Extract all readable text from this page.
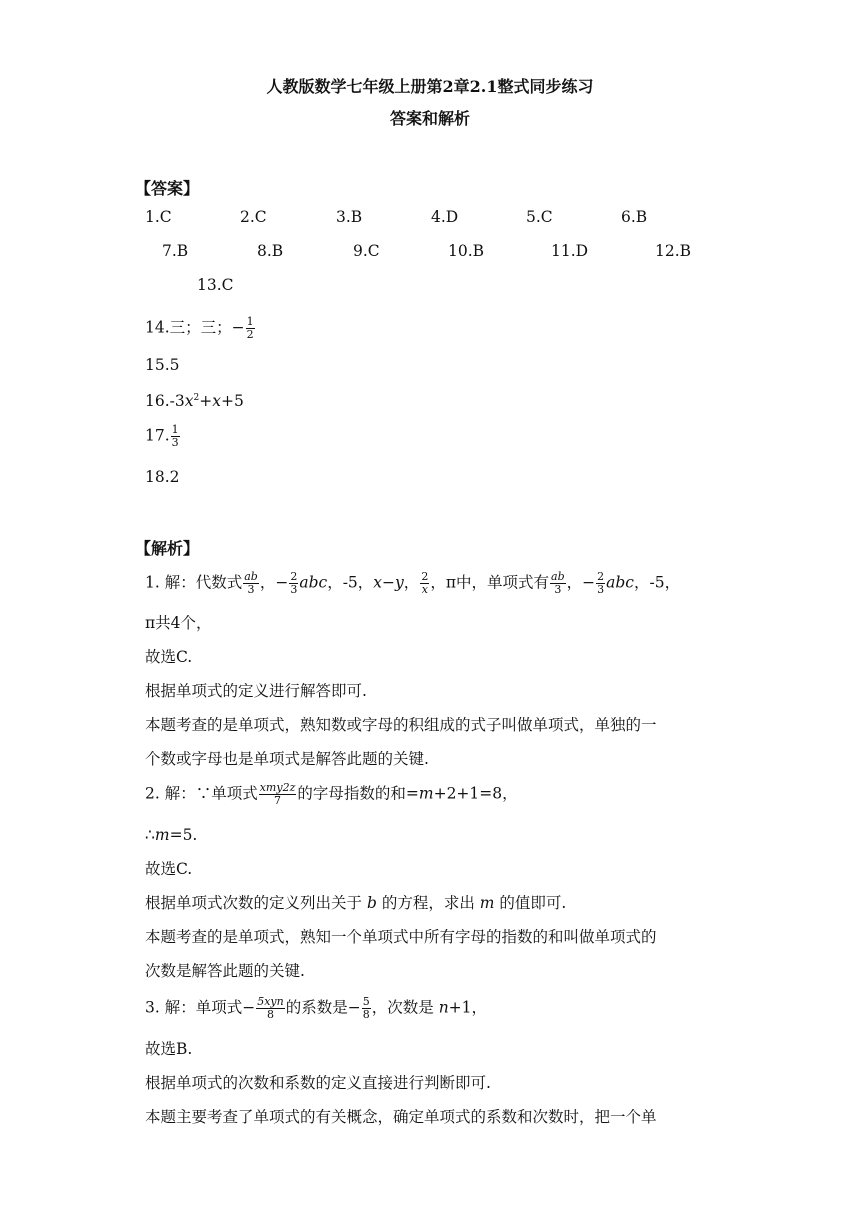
人教版数学七年级上册第2章2.1整式同步练习
答案和解析
【答案】
1.C	2.C	3.B	4.D	5.C	6.B
7.B	8.B	9.C	10.B	11.D	12.B
13.C
14.三；三；− $\frac{1}{2}$
15.5
$16.-3x^2+x+5$
17. $\frac{1}{3}$
18.2
【解析】
1. 解：代数式 $\frac{ab}{3}$ ，− $\frac{2}{3}$ abc，-5，x−y， $\frac{2}{x}$ ，π中，单项式有 $\frac{ab}{3}$ ，− $\frac{2}{3}$ abc，-5，
π共4个，
故选C.
根据单项式的定义进行解答即可.
本题考查的是单项式，熟知数或字母的积组成的式子叫做单项式，单独的一
个数或字母也是单项式是解答此题的关键.
2. 解：∵单项式 $\frac{\text{xmy2z}}{7}$ 的字母指数的和=m+2+1=8，
∴m=5.
故选C.
根据单项式次数的定义列出关于 b 的方程，求出 m 的值即可.
本题考查的是单项式，熟知一个单项式中所有字母的指数的和叫做单项式的
次数是解答此题的关键.
3. 解：单项式− $\frac{\text{5xyn}}{8}$ 的系数是− $\frac{5}{8}$ ，次数是 n+1，
故选B.
根据单项式的次数和系数的定义直接进行判断即可.
本题主要考查了单项式的有关概念，确定单项式的系数和次数时，把一个单
